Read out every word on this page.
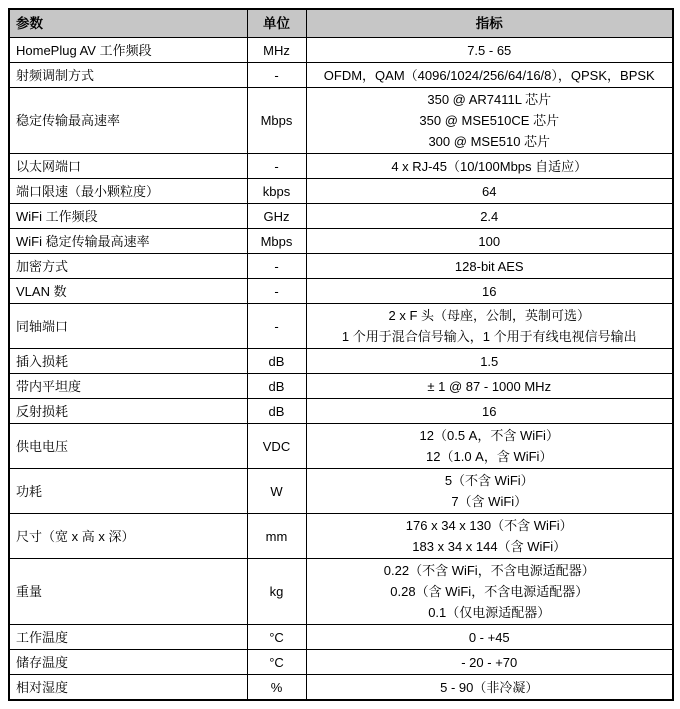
参数	单位	指标
HomePlug AV 工作频段	MHz	7.5 - 65

射频调制方式	-	OFDM，QAM（4096/1024/256/64/16/8），QPSK，BPSK

稳定传输最高速率	Mbps	350 @ AR7411L 芯片
350 @ MSE510CE 芯片
300 @ MSE510 芯片

以太网端口	-	4 x RJ-45（10/100Mbps 自适应）

端口限速（最小颗粒度）	kbps	64

WiFi 工作频段	GHz	2.4

WiFi 稳定传输最高速率	Mbps	100

加密方式	-	128-bit AES

VLAN 数	-	16

同轴端口	-	2 x F 头（母座，公制，英制可选）
1 个用于混合信号输入，1 个用于有线电视信号输出

插入损耗	dB	1.5

带内平坦度	dB	± 1 @ 87 - 1000 MHz

反射损耗	dB	16

供电电压	VDC	12（0.5 A，不含 WiFi）
12（1.0 A，含 WiFi）

功耗	W	5（不含 WiFi）
7（含 WiFi）

尺寸（宽 x 高 x 深）	mm	176 x 34 x 130（不含 WiFi）
183 x 34 x 144（含 WiFi）

重量	kg	0.22（不含 WiFi，不含电源适配器）
0.28（含 WiFi，不含电源适配器）
0.1（仅电源适配器）

工作温度	°C	0 - +45

储存温度	°C	- 20 - +70

相对湿度	%	5 - 90（非冷凝）
